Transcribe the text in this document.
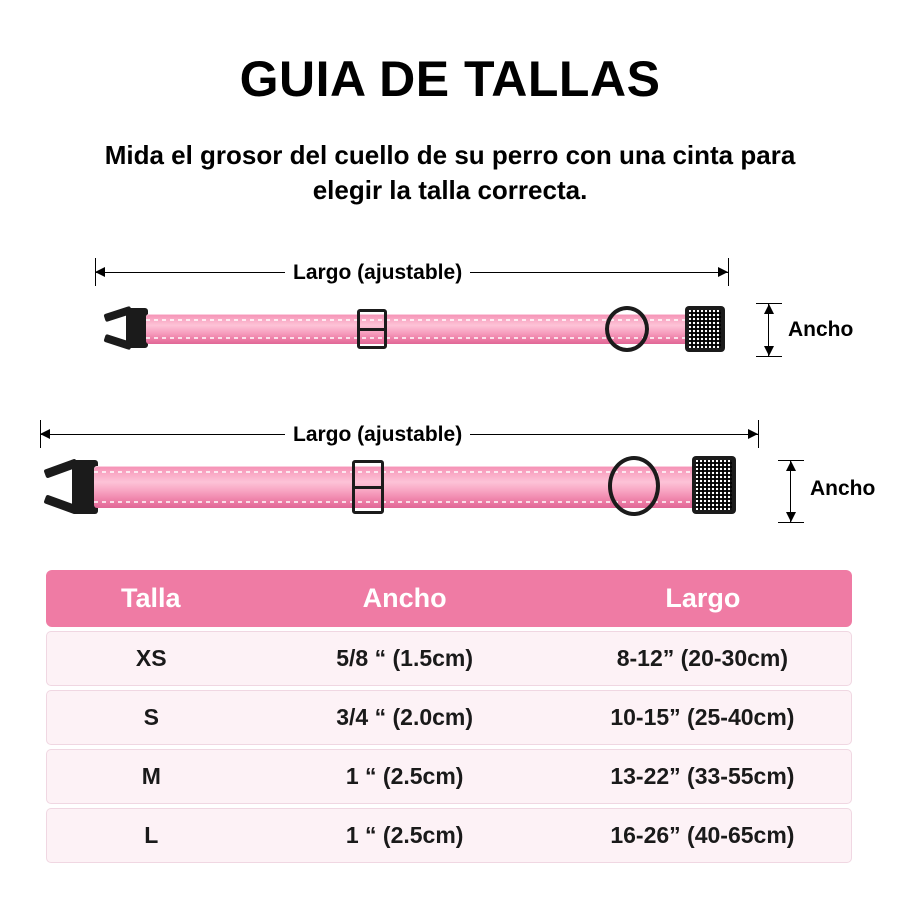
GUIA DE TALLAS
Mida el grosor del cuello de su perro con una cinta para elegir la talla correcta.
Largo (ajustable)
Ancho
Largo (ajustable)
Ancho
Talla	Ancho	Largo
XS	5/8 “ (1.5cm)	8-12” (20-30cm)
S	3/4 “ (2.0cm)	10-15” (25-40cm)
M	1 “ (2.5cm)	13-22” (33-55cm)
L	1 “ (2.5cm)	16-26” (40-65cm)
